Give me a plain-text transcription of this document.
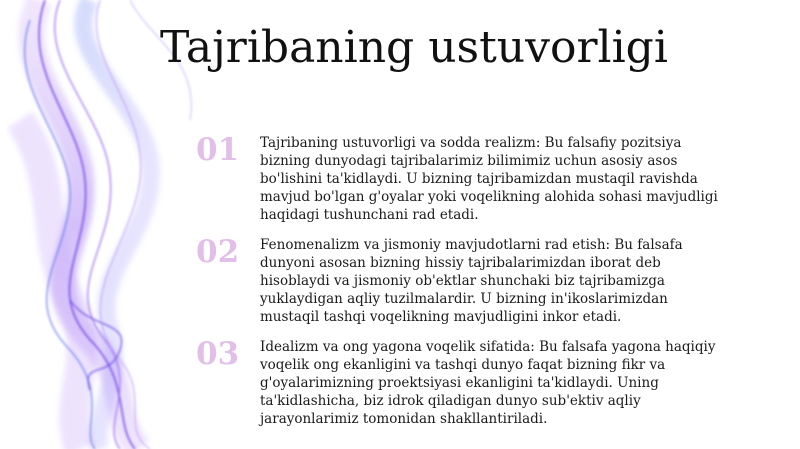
Tajribaning ustuvorligi
01	Tajribaning ustuvorligi va sodda realizm: Bu falsafiy pozitsiya bizning dunyodagi tajribalarimiz bilimimiz uchun asosiy asos bo'lishini ta'kidlaydi. U bizning tajribamizdan mustaqil ravishda mavjud bo'lgan g'oyalar yoki voqelikning alohida sohasi mavjudligi haqidagi tushunchani rad etadi.

02	Fenomenalizm va jismoniy mavjudotlarni rad etish: Bu falsafa dunyoni asosan bizning hissiy tajribalarimizdan iborat deb hisoblaydi va jismoniy ob'ektlar shunchaki biz tajribamizga yuklaydigan aqliy tuzilmalardir. U bizning in'ikoslarimizdan mustaqil tashqi voqelikning mavjudligini inkor etadi.

03	Idealizm va ong yagona voqelik sifatida: Bu falsafa yagona haqiqiy voqelik ong ekanligini va tashqi dunyo faqat bizning fikr va g'oyalarimizning proektsiyasi ekanligini ta'kidlaydi. Uning ta'kidlashicha, biz idrok qiladigan dunyo sub'ektiv aqliy jarayonlarimiz tomonidan shakllantiriladi.
